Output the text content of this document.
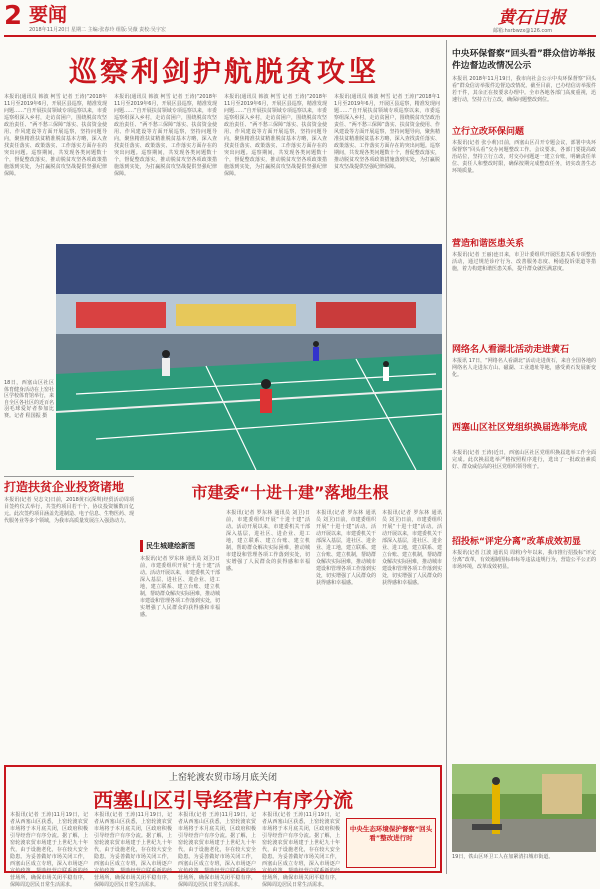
2 要闻
2018年11月20日 星期二 主编:张春玲 组版:吴薇 责校:吴宇宏
黄石日报
邮箱:hsrbwzx@126.com
巡察利剑护航脱贫攻坚
本报讯(通讯员 韩波 柯雪 记者 王涛)“2018年11月至2019年6月，开展区县巡察，精准发现问题……”自开展扶贫领域专项巡察以来，市委巡察组深入乡村，走访贫困户，围绕脱贫攻坚政治责任、“两不愁三保障”落实、扶贫资金使用、作风建设等方面开展巡察，坚持问题导向，聚焦精准扶贫精准脱贫基本方略，深入查找责任落实、政策落实、工作落实方面存在的突出问题。巡察期间，共发现各类问题数十个，督促整改落实，推动脱贫攻坚各项政策措施落到实处，为打赢脱贫攻坚战提供坚强纪律保障。
本报讯(通讯员 韩波 柯雪 记者 王涛)“2018年11月至2019年6月，开展区县巡察，精准发现问题……”自开展扶贫领域专项巡察以来，市委巡察组深入乡村，走访贫困户，围绕脱贫攻坚政治责任、“两不愁三保障”落实、扶贫资金使用、作风建设等方面开展巡察，坚持问题导向，聚焦精准扶贫精准脱贫基本方略，深入查找责任落实、政策落实、工作落实方面存在的突出问题。巡察期间，共发现各类问题数十个，督促整改落实，推动脱贫攻坚各项政策措施落到实处，为打赢脱贫攻坚战提供坚强纪律保障。
本报讯(通讯员 韩波 柯雪 记者 王涛)“2018年11月至2019年6月，开展区县巡察，精准发现问题……”自开展扶贫领域专项巡察以来，市委巡察组深入乡村，走访贫困户，围绕脱贫攻坚政治责任、“两不愁三保障”落实、扶贫资金使用、作风建设等方面开展巡察，坚持问题导向，聚焦精准扶贫精准脱贫基本方略，深入查找责任落实、政策落实、工作落实方面存在的突出问题。巡察期间，共发现各类问题数十个，督促整改落实，推动脱贫攻坚各项政策措施落到实处，为打赢脱贫攻坚战提供坚强纪律保障。
本报讯(通讯员 韩波 柯雪 记者 王涛)“2018年11月至2019年6月，开展区县巡察，精准发现问题……”自开展扶贫领域专项巡察以来，市委巡察组深入乡村，走访贫困户，围绕脱贫攻坚政治责任、“两不愁三保障”落实、扶贫资金使用、作风建设等方面开展巡察，坚持问题导向，聚焦精准扶贫精准脱贫基本方略，深入查找责任落实、政策落实、工作落实方面存在的突出问题。巡察期间，共发现各类问题数十个，督促整改落实，推动脱贫攻坚各项政策措施落到实处，为打赢脱贫攻坚战提供坚强纪律保障。
18日，西塞山区社区体育健身活动在上窑社区学校体育馆举行，来自全区各社区的近百名羽毛球爱好者参加比赛。记者 程国振 摄
打造扶贫企业投资诸地
本报讯(记者 吴志文)日前，2018黄石(深圳)经贸活动周项目签约仪式举行，共签约项目若干个，协议投资额数百亿元。此次签约项目涵盖先进制造、电子信息、生物医药、现代服务业等多个领域，为我市高质量发展注入强劲动力。
市建委“十进十建”落地生根
民生城建绘新图
本报讯(记者 罗东林 通讯员 刘卫)日前，市建委组织开展“十进十建”活动。活动开展以来，市建委机关干部深入基层，进社区、进企业、进工地，建立联系、建立台账、建立机制，帮助群众解决实际困难，推动城市建设和管理各项工作落到实处，切实增强了人民群众的获得感和幸福感。
本报讯(记者 罗东林 通讯员 刘卫)日前，市建委组织开展“十进十建”活动。活动开展以来，市建委机关干部深入基层，进社区、进企业、进工地，建立联系、建立台账、建立机制，帮助群众解决实际困难，推动城市建设和管理各项工作落到实处，切实增强了人民群众的获得感和幸福感。
本报讯(记者 罗东林 通讯员 刘卫)日前，市建委组织开展“十进十建”活动。活动开展以来，市建委机关干部深入基层，进社区、进企业、进工地，建立联系、建立台账、建立机制，帮助群众解决实际困难，推动城市建设和管理各项工作落到实处，切实增强了人民群众的获得感和幸福感。
本报讯(记者 罗东林 通讯员 刘卫)日前，市建委组织开展“十进十建”活动。活动开展以来，市建委机关干部深入基层，进社区、进企业、进工地，建立联系、建立台账、建立机制，帮助群众解决实际困难，推动城市建设和管理各项工作落到实处，切实增强了人民群众的获得感和幸福感。
中央环保督察“回头看”群众信访举报件边督边改情况公示
本报讯 2018年11月19日，我市向社会公示中央环保督察“回头看”群众信访举报件边督边改情况。截至目前，已办结信访举报件若干件，其余正在按要求办理中。全市各地各部门高度重视，迅速行动，坚持立行立改，确保问题整改到位。
立行立改环保问题
本报讯(记者 张小莉)日前，西塞山区召开专题会议，部署中央环保督察“回头看”交办问题整改工作。会议要求，各部门要提高政治站位，坚持立行立改，对交办问题逐一建立台账，明确责任单位、责任人和整改时限，确保按期完成整改任务，切实改善生态环境质量。
营造和谐医患关系
本报讯(记者 王丽)连日来，市卫计委组织开展医患关系专项整治活动，通过规范诊疗行为、改善服务态度、畅通投诉渠道等措施，着力构建和谐医患关系，提升群众就医满意度。
网络名人看湖北活动走进黄石
本报讯 17日，“网络名人看湖北”活动走进黄石，来自全国各地的网络名人走进东方山、磁湖、工业遗址等地，感受黄石发展新变化。
西塞山区社区党组织换届选举完成
本报讯(记者 王涛)近日，西塞山区社区党组织换届选举工作全面完成。此次换届选举严格按照程序进行，选出了一批政治素质好、群众威信高的社区党组织领导班子。
招投标“评定分离”改革成效初显
本报讯(记者 江波 通讯员 周莉)今年以来，我市推行招投标“评定分离”改革，有效遏制围标串标等违法违规行为，营造公平公正的市场环境，改革成效初显。
19日，铁山区环卫工人在加紧清扫城市街道。
上窑轮渡农贸市场月底关闭
西塞山区引导经营户有序分流
本报讯(记者 王涛)11月19日，记者从西塞山区获悉，上窑轮渡农贸市场将于本月底关闭，区政府积极引导经营户有序分流。据了解，上窑轮渡农贸市场建于上世纪九十年代，由于设施老化，存在较大安全隐患。为妥善做好市场关闭工作，西塞山区成立专班，深入市场逐户宣传政策，帮助经营户联系新的经营场所，确保市场关闭平稳有序，保障周边居民日常生活需求。
本报讯(记者 王涛)11月19日，记者从西塞山区获悉，上窑轮渡农贸市场将于本月底关闭，区政府积极引导经营户有序分流。据了解，上窑轮渡农贸市场建于上世纪九十年代，由于设施老化，存在较大安全隐患。为妥善做好市场关闭工作，西塞山区成立专班，深入市场逐户宣传政策，帮助经营户联系新的经营场所，确保市场关闭平稳有序，保障周边居民日常生活需求。
本报讯(记者 王涛)11月19日，记者从西塞山区获悉，上窑轮渡农贸市场将于本月底关闭，区政府积极引导经营户有序分流。据了解，上窑轮渡农贸市场建于上世纪九十年代，由于设施老化，存在较大安全隐患。为妥善做好市场关闭工作，西塞山区成立专班，深入市场逐户宣传政策，帮助经营户联系新的经营场所，确保市场关闭平稳有序，保障周边居民日常生活需求。
本报讯(记者 王涛)11月19日，记者从西塞山区获悉，上窑轮渡农贸市场将于本月底关闭，区政府积极引导经营户有序分流。据了解，上窑轮渡农贸市场建于上世纪九十年代，由于设施老化，存在较大安全隐患。为妥善做好市场关闭工作，西塞山区成立专班，深入市场逐户宣传政策，帮助经营户联系新的经营场所，确保市场关闭平稳有序，保障周边居民日常生活需求。
中央生态环境保护督察“回头看”整改进行时
